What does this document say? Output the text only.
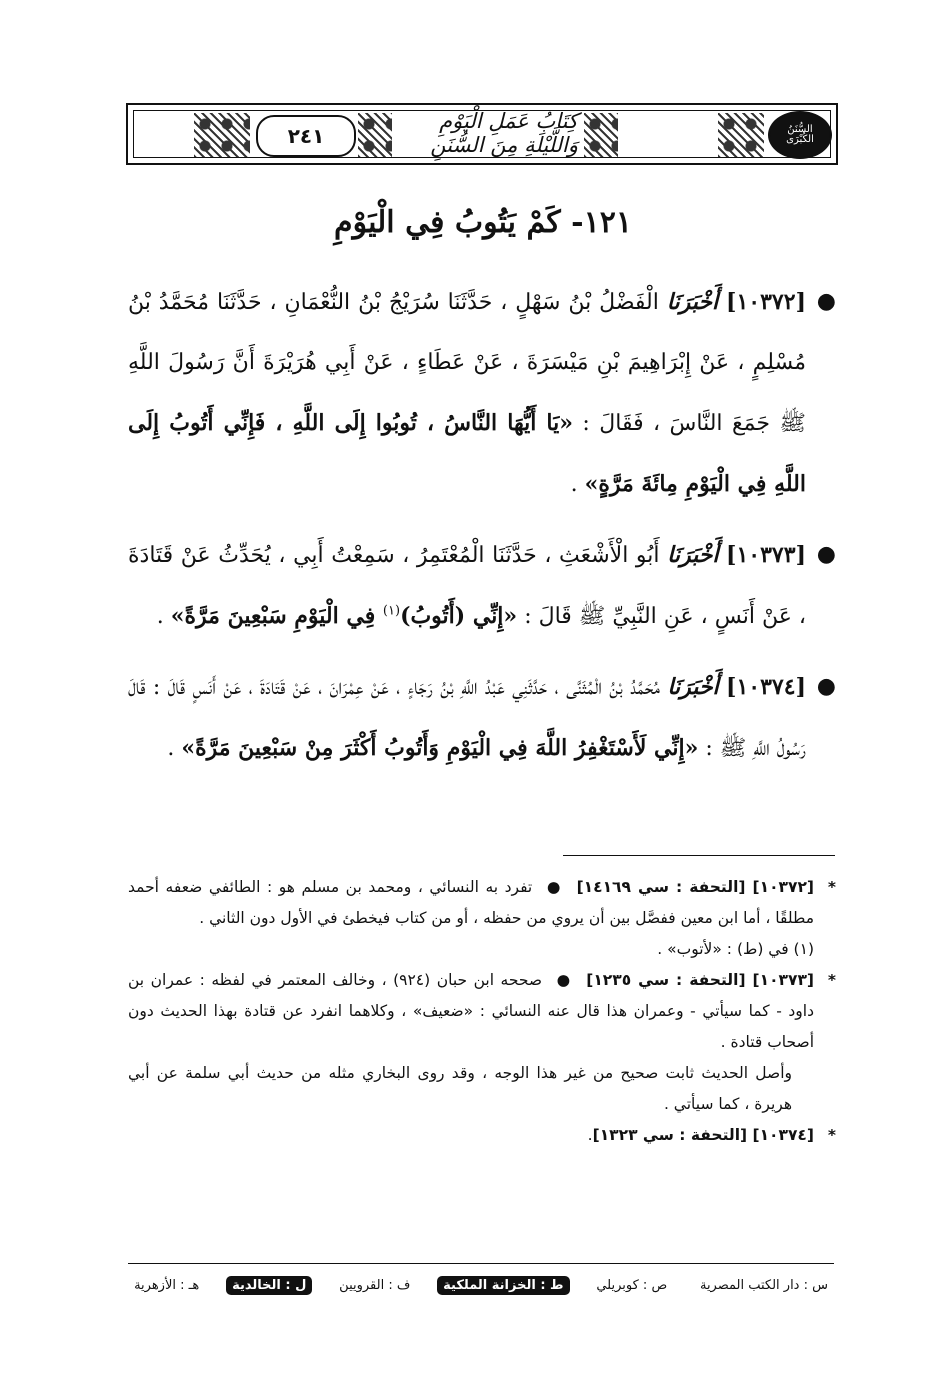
٢٤١
كِتَابُ عَمَلِ الْيَوْمِ وَاللَّيْلَةِ مِنَ السُّنَنِ
السُّنَنُ
الكُبْرَى
١٢١- كَمْ يَتُوبُ فِي الْيَوْمِ

●
[١٠٣٧٢] أَخْبَرَنَا الْفَضْلُ بْنُ سَهْلٍ ، حَدَّثَنَا سُرَيْجُ بْنُ النُّعْمَانِ ، حَدَّثَنَا مُحَمَّدُ بْنُ مُسْلِمٍ ، عَنْ إِبْرَاهِيمَ بْنِ مَيْسَرَةَ ، عَنْ عَطَاءٍ ، عَنْ أَبِي هُرَيْرَةَ أَنَّ رَسُولَ اللَّهِ ﷺ جَمَعَ النَّاسَ ، فَقَالَ : «يَا أَيُّهَا النَّاسُ ، تُوبُوا إِلَى اللَّهِ ، فَإِنِّي أَتُوبُ إِلَى اللَّهِ فِي الْيَوْمِ مِائَةَ مَرَّةٍ» .

●
[١٠٣٧٣] أَخْبَرَنَا أَبُو الْأَشْعَثِ ، حَدَّثَنَا الْمُعْتَمِرُ ، سَمِعْتُ أَبِي ، يُحَدِّثُ عَنْ قَتَادَةَ ، عَنْ أَنَسٍ ، عَنِ النَّبِيِّ ﷺ قَالَ : «إِنِّي (أَتُوبُ)$^{(١)}$ فِي الْيَوْمِ سَبْعِينَ مَرَّةً» .

●
[١٠٣٧٤] أَخْبَرَنَا مُحَمَّدُ بْنُ الْمُثَنَّى ، حَدَّثَنِي عَبْدُ اللَّهِ بْنُ رَجَاءٍ ، عَنْ عِمْرَانَ ، عَنْ قَتَادَةَ ، عَنْ أَنَسٍ قَالَ : قَالَ رَسُولُ اللَّهِ ﷺ : «إِنِّي لَأَسْتَغْفِرُ اللَّهَ فِي الْيَوْمِ وَأَتُوبُ أَكْثَرَ مِنْ سَبْعِينَ مَرَّةً» .

*
[١٠٣٧٢] [التحفة : سي ١٤١٦٩] ● تفرد به النسائي ، ومحمد بن مسلم هو : الطائفي ضعفه أحمد مطلقًا ، أما ابن معين ففصَّل بين أن يروي من حفظه ، أو من كتاب فيخطئ في الأول دون الثاني .

(١) في (ط) : «لأتوب» .

*
[١٠٣٧٣] [التحفة : سي ١٢٣٥] ● صححه ابن حبان (٩٢٤) ، وخالف المعتمر في لفظه : عمران بن داود - كما سيأتي - وعمران هذا قال عنه النسائي : «ضعيف» ، وكلاهما انفرد عن قتادة بهذا الحديث دون أصحاب قتادة .

وأصل الحديث ثابت صحيح من غير هذا الوجه ، وقد روى البخاري مثله من حديث أبي سلمة عن أبي هريرة ، كما سيأتي .

*
[١٠٣٧٤] [التحفة : سي ١٣٢٣].

س : دار الكتب المصرية
ص : كوبريلي
ط : الخزانة الملكية
ف : القرويين
ل : الخالدية
هـ : الأزهرية
